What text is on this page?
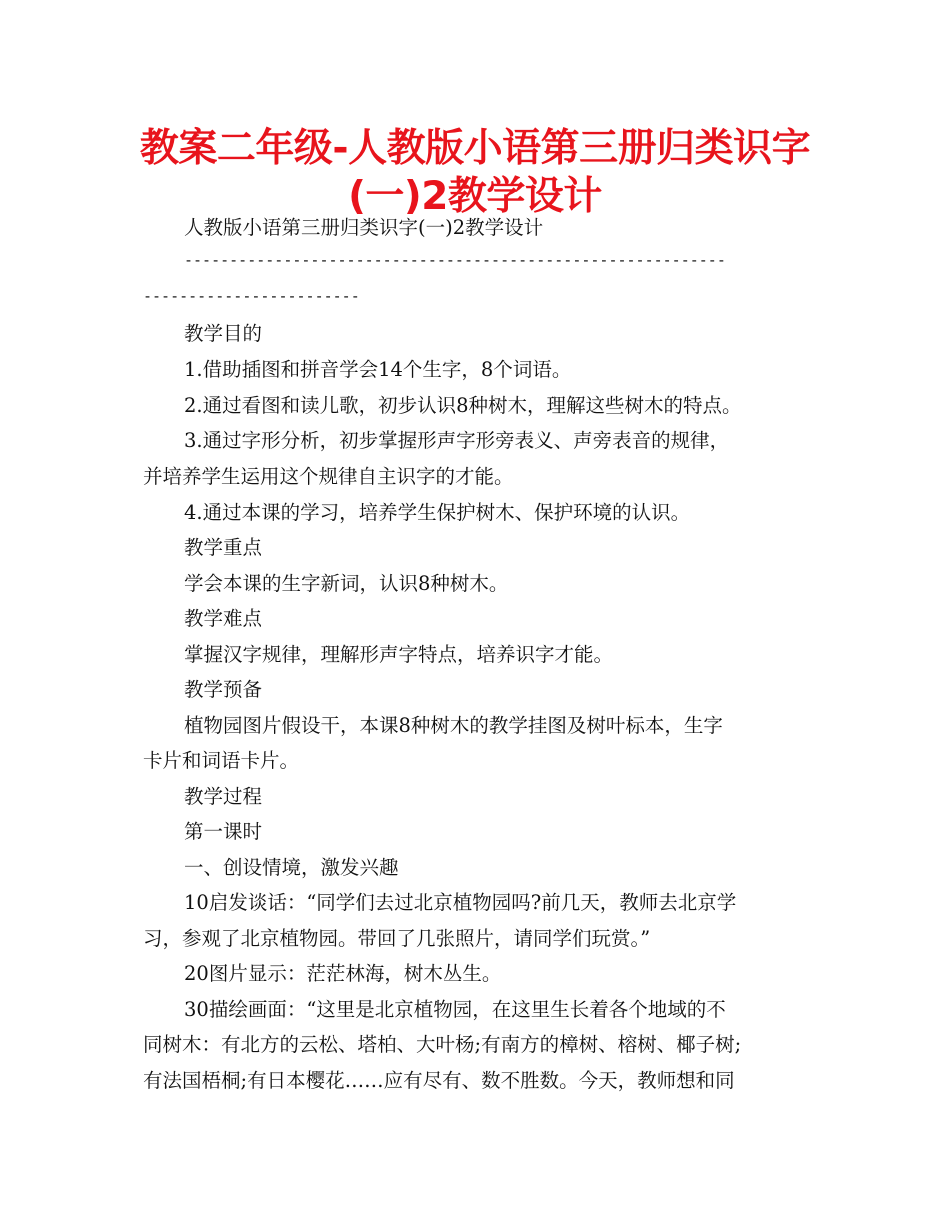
教案二年级-人教版小语第三册归类识字
(一)2教学设计
人教版小语第三册归类识字(一)2教学设计
------------------------------------------------------------
------------------------
教学目的
1.借助插图和拼音学会14个生字，8个词语。
2.通过看图和读儿歌，初步认识8种树木，理解这些树木的特点。
3.通过字形分析，初步掌握形声字形旁表义、声旁表音的规律，
并培养学生运用这个规律自主识字的才能。
4.通过本课的学习，培养学生保护树木、保护环境的认识。
教学重点
学会本课的生字新词，认识8种树木。
教学难点
掌握汉字规律，理解形声字特点，培养识字才能。
教学预备
植物园图片假设干，本课8种树木的教学挂图及树叶标本，生字
卡片和词语卡片。
教学过程
第一课时
一、创设情境，激发兴趣
10启发谈话：“同学们去过北京植物园吗?前几天，教师去北京学
习，参观了北京植物园。带回了几张照片，请同学们玩赏。”
20图片显示：茫茫林海，树木丛生。
30描绘画面：“这里是北京植物园，在这里生长着各个地域的不
同树木：有北方的云松、塔柏、大叶杨;有南方的樟树、榕树、椰子树;
有法国梧桐;有日本樱花……应有尽有、数不胜数。今天，教师想和同
